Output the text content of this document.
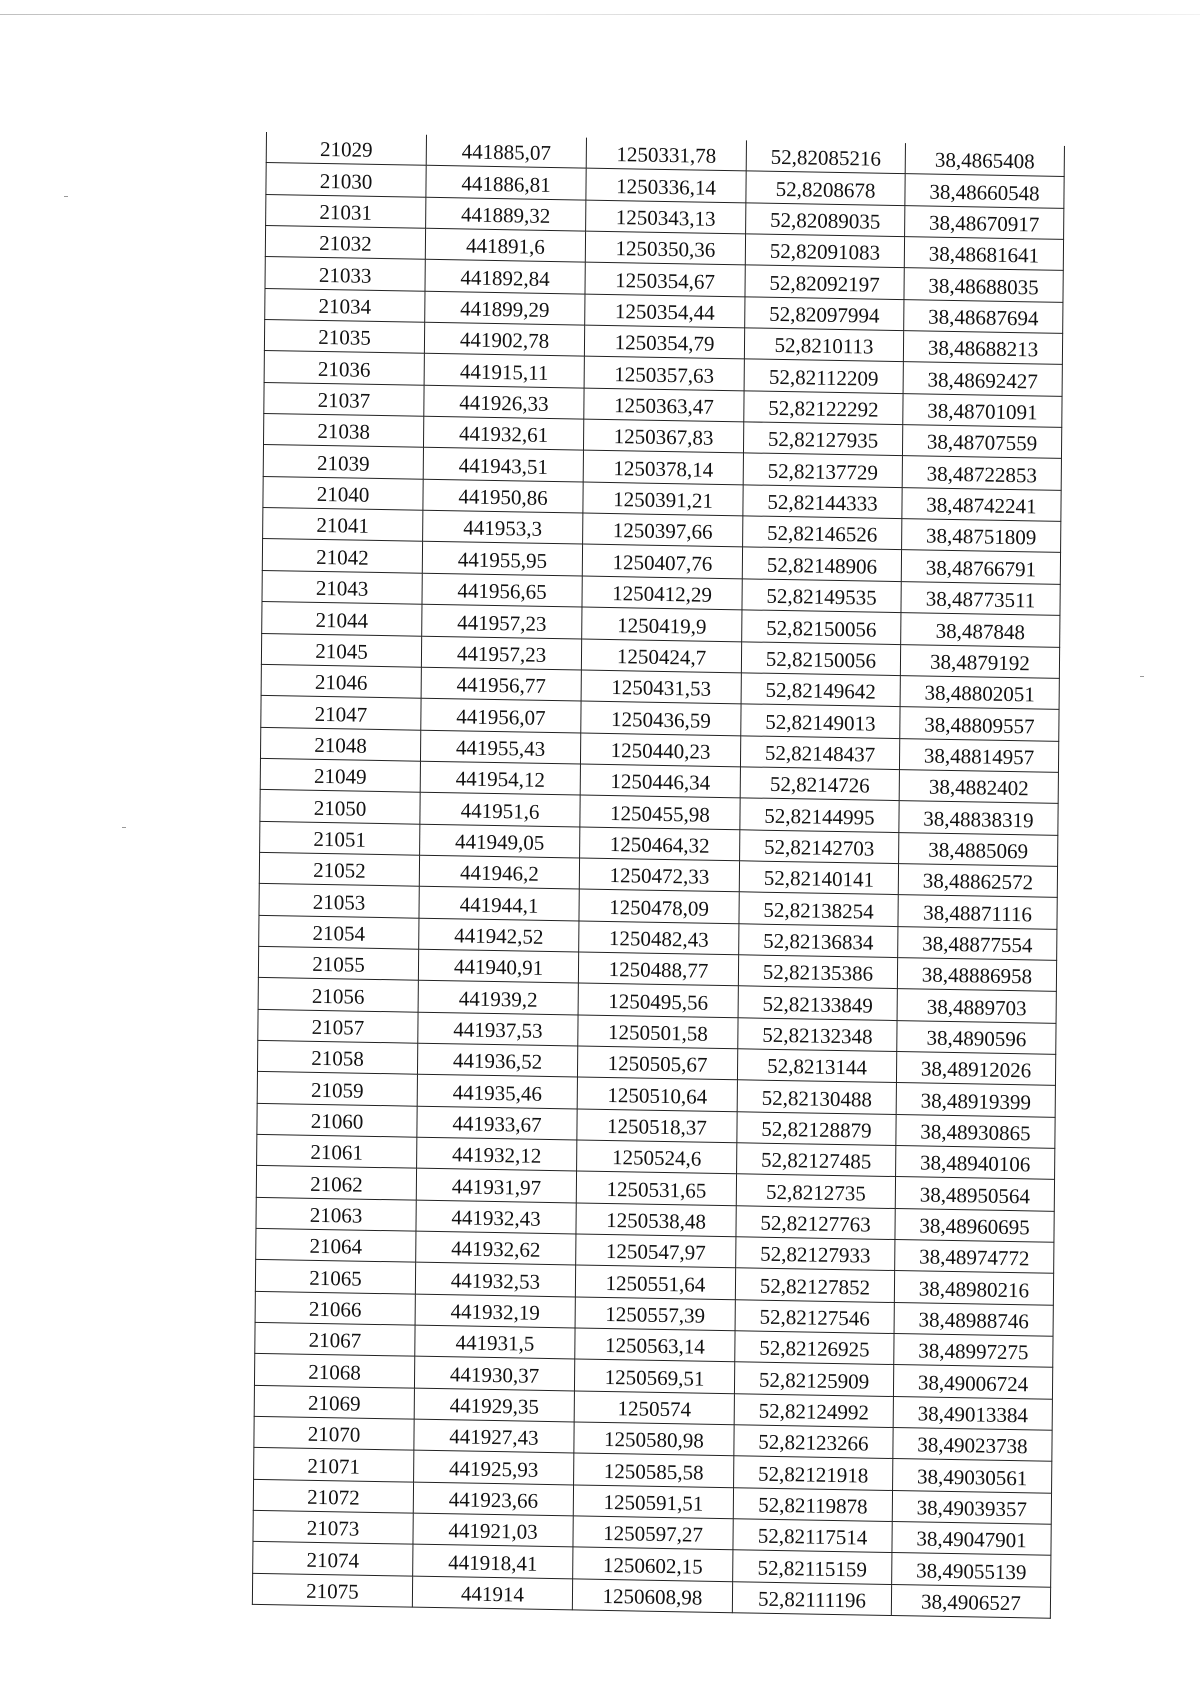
21029	441885,07	1250331,78	52,82085216	38,4865408
21030	441886,81	1250336,14	52,8208678	38,48660548
21031	441889,32	1250343,13	52,82089035	38,48670917
21032	441891,6	1250350,36	52,82091083	38,48681641
21033	441892,84	1250354,67	52,82092197	38,48688035
21034	441899,29	1250354,44	52,82097994	38,48687694
21035	441902,78	1250354,79	52,8210113	38,48688213
21036	441915,11	1250357,63	52,82112209	38,48692427
21037	441926,33	1250363,47	52,82122292	38,48701091
21038	441932,61	1250367,83	52,82127935	38,48707559
21039	441943,51	1250378,14	52,82137729	38,48722853
21040	441950,86	1250391,21	52,82144333	38,48742241
21041	441953,3	1250397,66	52,82146526	38,48751809
21042	441955,95	1250407,76	52,82148906	38,48766791
21043	441956,65	1250412,29	52,82149535	38,48773511
21044	441957,23	1250419,9	52,82150056	38,487848
21045	441957,23	1250424,7	52,82150056	38,4879192
21046	441956,77	1250431,53	52,82149642	38,48802051
21047	441956,07	1250436,59	52,82149013	38,48809557
21048	441955,43	1250440,23	52,82148437	38,48814957
21049	441954,12	1250446,34	52,8214726	38,4882402
21050	441951,6	1250455,98	52,82144995	38,48838319
21051	441949,05	1250464,32	52,82142703	38,4885069
21052	441946,2	1250472,33	52,82140141	38,48862572
21053	441944,1	1250478,09	52,82138254	38,48871116
21054	441942,52	1250482,43	52,82136834	38,48877554
21055	441940,91	1250488,77	52,82135386	38,48886958
21056	441939,2	1250495,56	52,82133849	38,4889703
21057	441937,53	1250501,58	52,82132348	38,4890596
21058	441936,52	1250505,67	52,8213144	38,48912026
21059	441935,46	1250510,64	52,82130488	38,48919399
21060	441933,67	1250518,37	52,82128879	38,48930865
21061	441932,12	1250524,6	52,82127485	38,48940106
21062	441931,97	1250531,65	52,8212735	38,48950564
21063	441932,43	1250538,48	52,82127763	38,48960695
21064	441932,62	1250547,97	52,82127933	38,48974772
21065	441932,53	1250551,64	52,82127852	38,48980216
21066	441932,19	1250557,39	52,82127546	38,48988746
21067	441931,5	1250563,14	52,82126925	38,48997275
21068	441930,37	1250569,51	52,82125909	38,49006724
21069	441929,35	1250574	52,82124992	38,49013384
21070	441927,43	1250580,98	52,82123266	38,49023738
21071	441925,93	1250585,58	52,82121918	38,49030561
21072	441923,66	1250591,51	52,82119878	38,49039357
21073	441921,03	1250597,27	52,82117514	38,49047901
21074	441918,41	1250602,15	52,82115159	38,49055139
21075	441914	1250608,98	52,82111196	38,4906527
